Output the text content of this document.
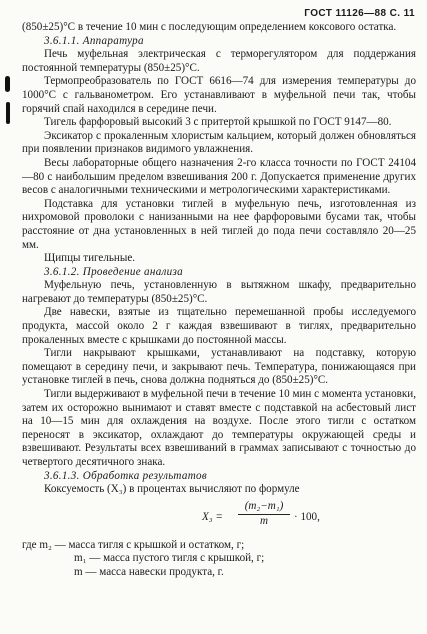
ГОСТ 11126—88 С. 11

(850±25)°С в течение 10 мин с последующим определением коксового остатка.

3.6.1.1. Аппаратура

Печь муфельная электрическая с терморегулятором для поддержания постоянной температуры (850±25)°С.

Термопреобразователь по ГОСТ 6616—74 для измерения температуры до 1000°С с гальванометром. Его устанавливают в муфельной печи так, чтобы горячий спай находился в середине печи.

Тигель фарфоровый высокий 3 с притертой крышкой по ГОСТ 9147—80.

Эксикатор с прокаленным хлористым кальцием, который должен обновляться при появлении признаков видимого увлажнения.

Весы лабораторные общего назначения 2-го класса точности по ГОСТ 24104—80 с наибольшим пределом взвешивания 200 г. Допускается применение других весов с аналогичными техническими и метрологическими характеристиками.

Подставка для установки тиглей в муфельную печь, изготовленная из нихромовой проволоки с нанизанными на нее фарфоровыми бусами так, чтобы расстояние от дна установленных в ней тиглей до пода печи составляло 20—25 мм.

Щипцы тигельные.

3.6.1.2. Проведение анализа

Муфельную печь, установленную в вытяжном шкафу, предварительно нагревают до температуры (850±25)°С.

Две навески, взятые из тщательно перемешанной пробы исследуемого продукта, массой около 2 г каждая взвешивают в тиглях, предварительно прокаленных вместе с крышками до постоянной массы.

Тигли накрывают крышками, устанавливают на подставку, которую помещают в середину печи, и закрывают печь. Температура, понижающаяся при установке тиглей в печь, снова должна подняться до (850±25)°С.

Тигли выдерживают в муфельной печи в течение 10 мин с момента установки, затем их осторожно вынимают и ставят вместе с подставкой на асбестовый лист на 10—15 мин для охлаждения на воздухе. После этого тигли с остатком переносят в эксикатор, охлаждают до температуры окружающей среды и взвешивают. Результаты всех взвешиваний в граммах записывают с точностью до четвертого десятичного знака.

3.6.1.3. Обработка результатов

Коксуемость (X₃) в процентах вычисляют по формуле

$X_3 = \frac{\text{(m₂−m₁)}}{m} \cdot 100$,
где m₂ — масса тигля с крышкой и остатком, г;
m₁ — масса пустого тигля с крышкой, г;
m — масса навески продукта, г.
